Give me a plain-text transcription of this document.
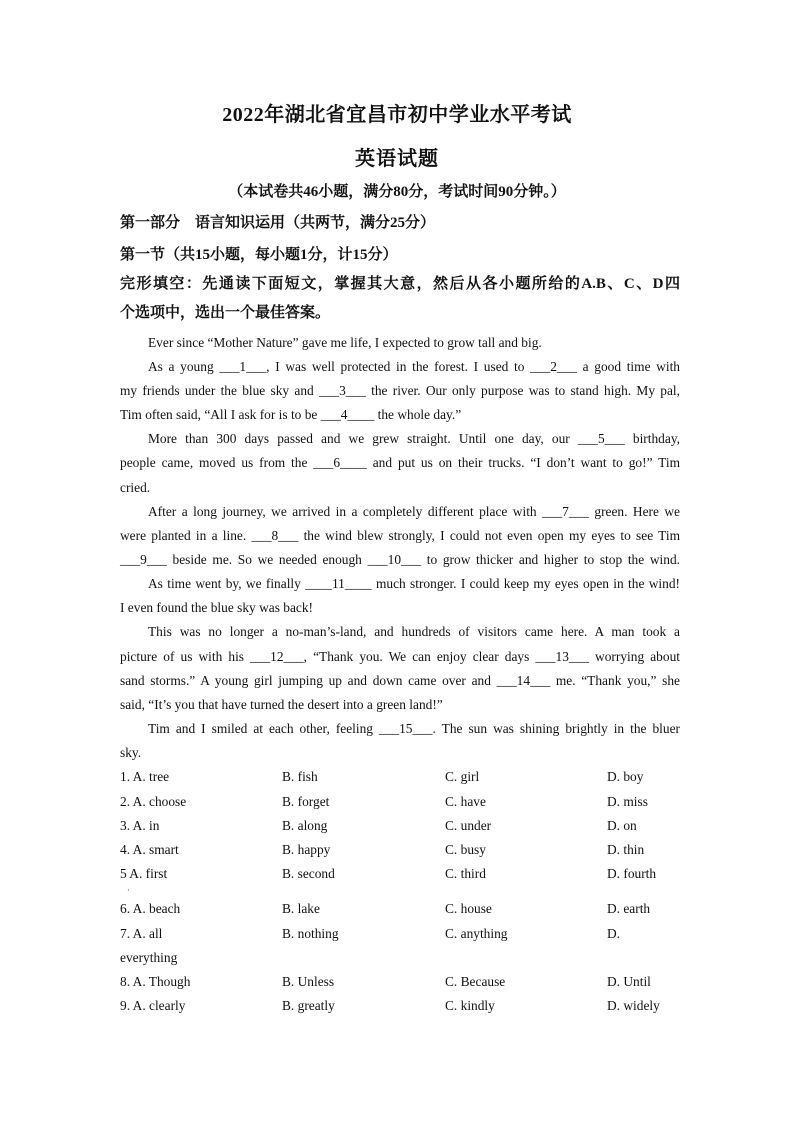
2022年湖北省宜昌市初中学业水平考试
英语试题
（本试卷共46小题，满分80分，考试时间90分钟。）
第一部分　语言知识运用（共两节，满分25分）
第一节（共15小题，每小题1分，计15分）
完形填空：先通读下面短文，掌握其大意，然后从各小题所给的A.B、C、D四
个选项中，选出一个最佳答案。
Ever since “Mother Nature” gave me life, I expected to grow tall and big.
As a young ___1___, I was well protected in the forest. I used to ___2___ a good time with
my friends under the blue sky and ___3___ the river. Our only purpose was to stand high. My pal,
Tim often said, “All I ask for is to be ___4____ the whole day.”
More than 300 days passed and we grew straight. Until one day, our ___5___ birthday,
people came, moved us from the ___6____ and put us on their trucks. “I don’t want to go!” Tim
cried.
After a long journey, we arrived in a completely different place with ___7___ green. Here we
were planted in a line. ___8___ the wind blew strongly, I could not even open my eyes to see Tim
___9___ beside me. So we needed enough ___10___ to grow thicker and higher to stop the wind.
As time went by, we finally ____11____ much stronger. I could keep my eyes open in the wind!
I even found the blue sky was back!
This was no longer a no-man’s-land, and hundreds of visitors came here. A man took a
picture of us with his ___12___, “Thank you. We can enjoy clear days ___13___ worrying about
sand storms.” A young girl jumping up and down came over and ___14___ me. “Thank you,” she
said, “It’s you that have turned the desert into a green land!”
Tim and I smiled at each other, feeling ___15___. The sun was shining brightly in the bluer
sky.
1. A. tree	B. fish	C. girl	D. boy
2. A. choose	B. forget	C. have	D. miss
3. A. in	B. along	C. under	D. on
4. A. smart	B. happy	C. busy	D. thin
5 A. first	B. second	C. third	D. fourth
·
6. A. beach	B. lake	C. house	D. earth
7. A. all	B. nothing	C. anything	D.
everything
8. A. Though	B. Unless	C. Because	D. Until
9. A. clearly	B. greatly	C. kindly	D. widely
